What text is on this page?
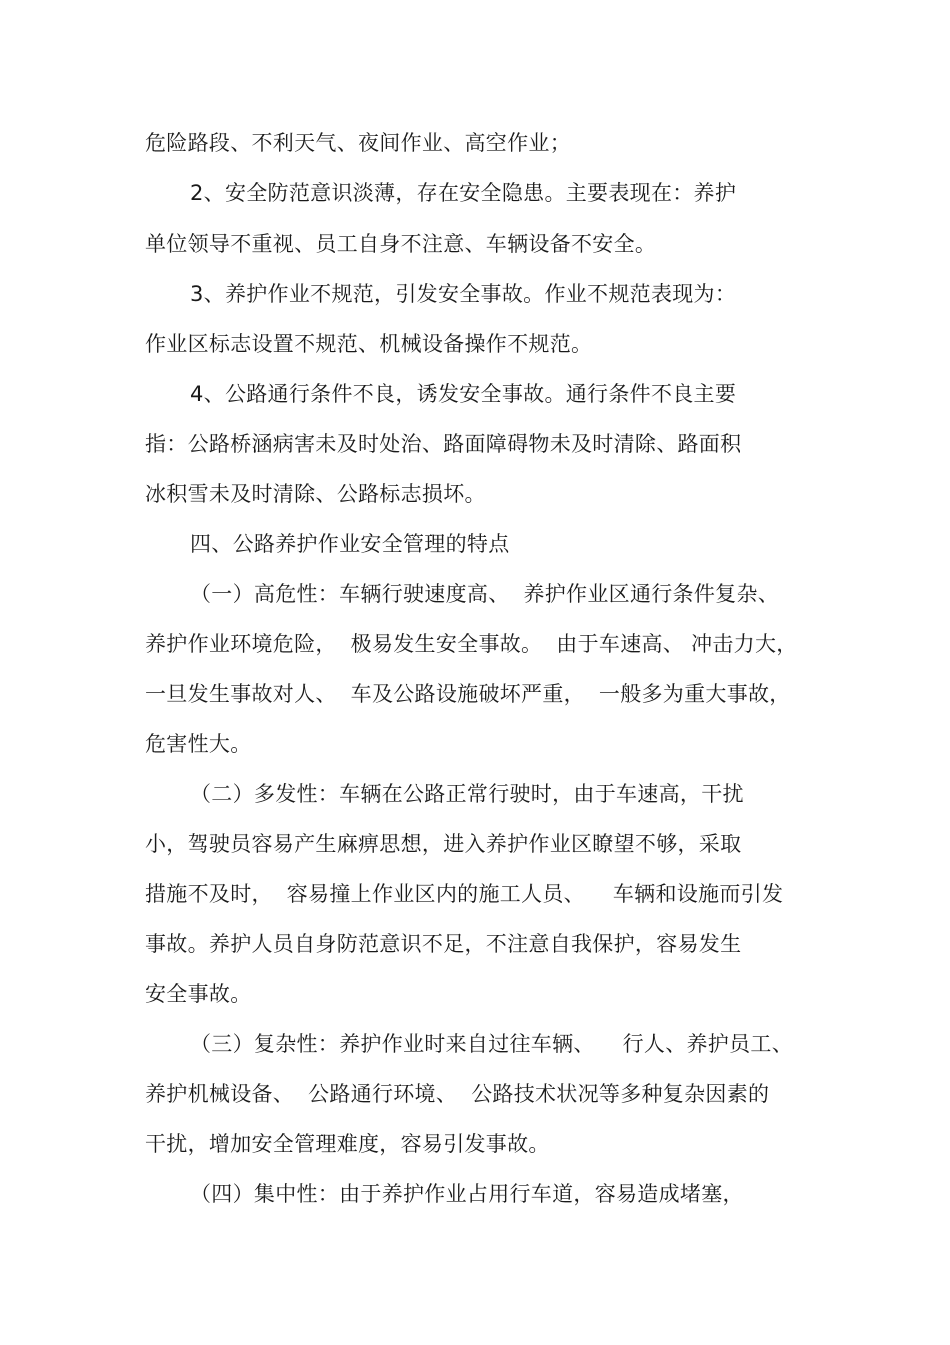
危险路段、不利天气、夜间作业、高空作业；
2、安全防范意识淡薄，存在安全隐患。主要表现在：养护
单位领导不重视、员工自身不注意、车辆设备不安全。
3、养护作业不规范，引发安全事故。作业不规范表现为：
作业区标志设置不规范、机械设备操作不规范。
4、公路通行条件不良，诱发安全事故。通行条件不良主要
指：公路桥涵病害未及时处治、路面障碍物未及时清除、路面积
冰积雪未及时清除、公路标志损坏。
四、公路养护作业安全管理的特点
（一）高危性：车辆行驶速度高、  养护作业区通行条件复杂、
养护作业环境危险，  极易发生安全事故。  由于车速高、 冲击力大，
一旦发生事故对人、  车及公路设施破坏严重，  一般多为重大事故，
危害性大。
（二）多发性：车辆在公路正常行驶时，由于车速高，干扰
小，驾驶员容易产生麻痹思想，进入养护作业区瞭望不够，采取
措施不及时，  容易撞上作业区内的施工人员、    车辆和设施而引发
事故。养护人员自身防范意识不足，不注意自我保护，容易发生
安全事故。
（三）复杂性：养护作业时来自过往车辆、    行人、养护员工、
养护机械设备、  公路通行环境、  公路技术状况等多种复杂因素的
干扰，增加安全管理难度，容易引发事故。
（四）集中性：由于养护作业占用行车道，容易造成堵塞，
